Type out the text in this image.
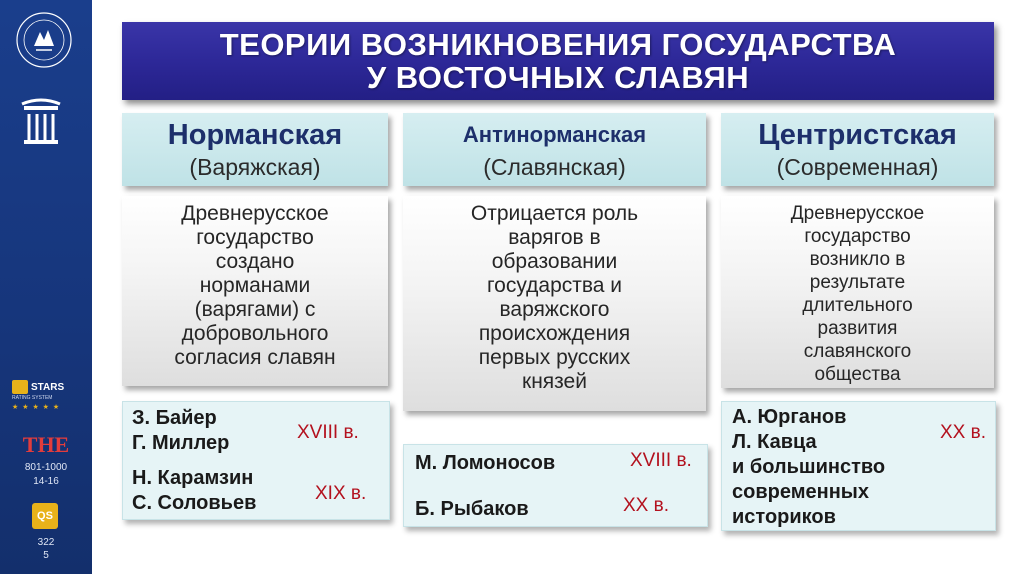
STARS
RATING SYSTEM
★ ★ ★ ★ ★
THE
801-1000
14-16
QS
322
5
ТЕОРИИ ВОЗНИКНОВЕНИЯ ГОСУДАРСТВА
У ВОСТОЧНЫХ СЛАВЯН
Норманская
(Варяжская)
Древнерусское
государство
создано
норманами
(варягами) с
добровольного
согласия славян
З. Байер
Г. Миллер	XVIII в.
Н. Карамзин
С. Соловьев	XIX в.
Антинорманская
(Славянская)
Отрицается роль
варягов в
образовании
государства и
варяжского
происхождения
первых русских
князей
М. Ломоносов	XVIII в.
Б. Рыбаков	XX в.
Центристская
(Современная)
Древнерусское
государство
возникло в
результате
длительного
развития
славянского
общества
А. Юрганов
Л. Кавца
и большинство
современных
историков
XX в.
